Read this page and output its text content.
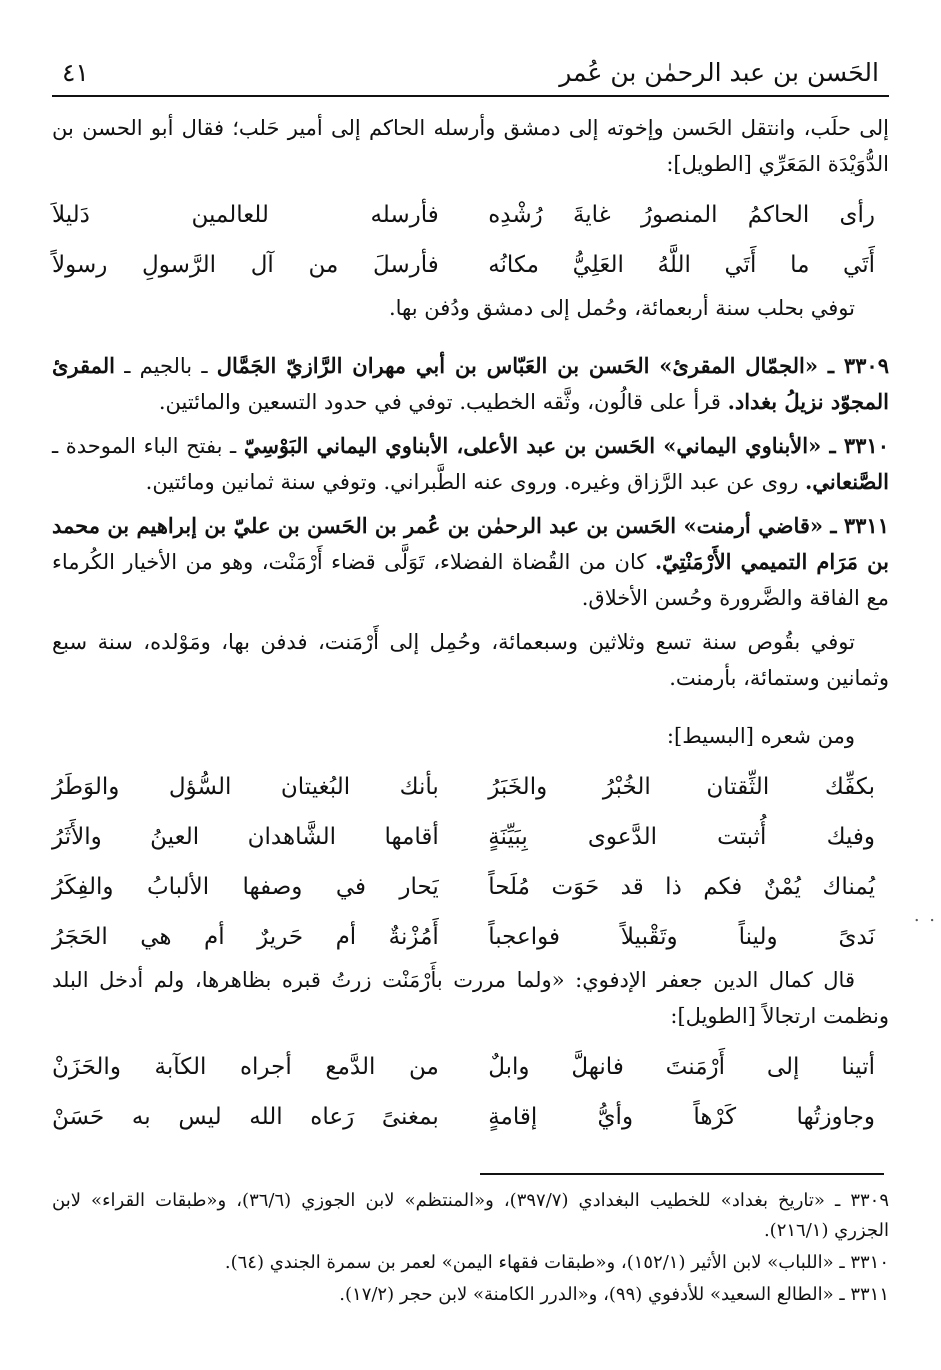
الحَسن بن عبد الرحمٰن بن عُمر
٤١

إلى حلَب، وانتقل الحَسن وإخوته إلى دمشق وأرسله الحاكم إلى أمير حَلب؛ فقال أبو الحسن بن الدُّوَيْدَة المَعَرِّي [الطويل]:

رأى الحاكمُ المنصورُ غايةَ رُشْدِه
فأرسله للعالمين دَليلاَ
أَتَي ما أَتَي اللَّهُ العَلِيُّ مكانُه
فأرسلَ من آل الرَّسولِ رسولاً

توفي بحلب سنة أربعمائة، وحُمل إلى دمشق ودُفن بها.

٣٣٠٩ ـ «الجمّال المقرئ» الحَسن بن العَبّاس بن أبي مهران الرَّازيّ الجَمَّال ـ بالجيم ـ المقرئ المجوّد نزيلُ بغداد. قرأ على قالُون، وثَّقه الخطيب. توفي في حدود التسعين والمائتين.

٣٣١٠ ـ «الأبناوي اليماني» الحَسن بن عبد الأعلى، الأبناوي اليماني البَوْسِيّ ـ بفتح الباء الموحدة ـ الصَّنعاني. روى عن عبد الرَّزاق وغيره. وروى عنه الطَّبراني. وتوفي سنة ثمانين ومائتين.

٣٣١١ ـ «قاضي أرمنت» الحَسن بن عبد الرحمٰن بن عُمر بن الحَسن بن عليّ بن إبراهيم بن محمد بن مَرَام التميمي الأَرْمَنْتِيّ. كان من القُضاة الفضلاء، تَوَلَّى قضاء أَرْمَنْت، وهو من الأخيار الكُرماء مع الفاقة والضَّرورة وحُسن الأخلاق.

توفي بقُوص سنة تسع وثلاثين وسبعمائة، وحُمِل إلى أَرْمَنت، فدفن بها، ومَوْلده، سنة سبع وثمانين وستمائة، بأرمنت.

ومن شعره [البسيط]:

بكفِّك الثِّقتان الخُبْرُ والخَبَرُ
بأنك البُغيتان السُّؤل والوَطَرُ
وفيك أُثبتت الدَّعوى بِبَيِّنَةٍ
أقامها الشَّاهدان العينُ والأَثَرُ
يُمناك يُمْنٌ فكم ذا قد حَوَت مُلَحاً
يَحار في وصفها الألبابُ والفِكَرُ
نَدىً وليناً وتَقْبيلاً فواعجباً
أَمُزْنةٌ أم حَريرٌ أم هي الحَجَرُ

قال كمال الدين جعفر الإدفوي: «ولما مررت بأَرْمَنْت زرتُ قبره بظاهرها، ولم أدخل البلد ونظمت ارتجالاً [الطويل]:

أتينا إلى أَرْمَنتَ فانهلَّ وابلٌ
من الدَّمع أجراه الكآبة والحَزَنْ
وجاوزتُها كَرْهاً وأيُّ إقامةٍ
بمغنىً رَعاه الله ليس به حَسَنْ

٣٣٠٩ ـ «تاريخ بغداد» للخطيب البغدادي (٣٩٧/٧)، و«المنتظم» لابن الجوزي (٣٦/٦)، و«طبقات القراء» لابن الجزري (٢١٦/١).

٣٣١٠ ـ «اللباب» لابن الأثير (١٥٢/١)، و«طبقات فقهاء اليمن» لعمر بن سمرة الجندي (٦٤).

٣٣١١ ـ «الطالع السعيد» للأدفوي (٩٩)، و«الدرر الكامنة» لابن حجر (١٧/٢).

. .
